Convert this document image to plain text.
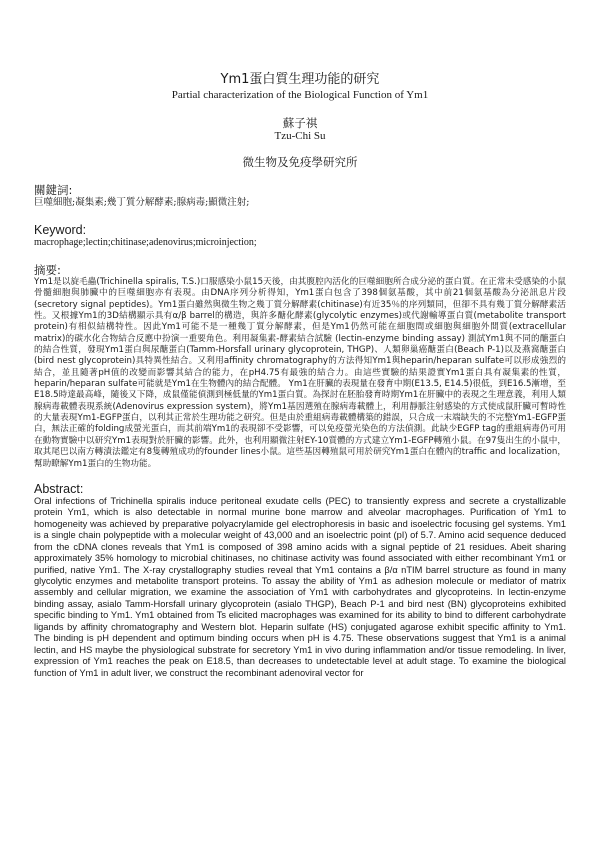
Ym1蛋白質生理功能的研究
Partial characterization of the Biological Function of Ym1
蘇子祺
Tzu-Chi Su
微生物及免疫學研究所
關鍵詞:
巨噬細胞;凝集素;幾丁質分解酵素;腺病毒;顯微注射;
Keyword:
macrophage;lectin;chitinase;adenovirus;microinjection;
摘要:

Ym1是以旋毛蟲(Trichinella spiralis, T.S.)口服感染小鼠15天後，由其腹腔內活化的巨噬細胞所合成分泌的蛋白質。在正常未受感染的小鼠骨髓細胞與肺臟中的巨噬細胞亦有表現。由DNA序列分析得知，Ym1蛋白包含了398個氨基酸，其中前21個氨基酸為分泌訊息片段(secretory signal peptides)。Ym1蛋白雖然與微生物之幾丁質分解酵素(chitinase)有近35％的序列類同，但卻不具有幾丁質分解酵素活性。又根據Ym1的3D結構顯示具有α/β barrel的構造，與許多醣化酵素(glycolytic enzymes)或代謝輸導蛋白質(metabolite transport protein)有相似結構特性。因此Ym1可能不是一種幾丁質分解酵素，但是Ym1仍然可能在細胞間或細胞與細胞外間質(extracellular matrix)的碳水化合物結合反應中扮演一重要角色。利用凝集素-酵素結合試驗 (lectin-enzyme binding assay) 測試Ym1與不同的醣蛋白的結合性質，發現Ym1蛋白與尿醣蛋白(Tamm-Horsfall urinary glycoprotein, THGP)、人類卵巢癌醣蛋白(Beach P-1)以及燕窩醣蛋白(bird nest glycoprotein)具特異性結合。又利用affinity chromatography的方法得知Ym1與heparin/heparan sulfate可以形成強烈的結合，並且隨著pH值的改變而影響其結合的能力，在pH4.75有最強的結合力。由這些實驗的結果證實Ym1蛋白具有凝集素的性質，heparin/heparan sulfate可能就是Ym1在生物體內的結合配體。 Ym1在肝臟的表現量在發育中期(E13.5, E14.5)很低，到E16.5漸增，至E18.5時達最高峰，隨後又下降，成鼠僅能偵測到極低量的Ym1蛋白質。為探討在胚胎發育時期Ym1在肝臟中的表現之生理意義，利用人類腺病毒載體表現系統(Adenovirus expression system)，將Ym1基因選殖在腺病毒載體上，利用靜脈注射感染的方式使成鼠肝臟可暫時性的大量表現Ym1-EGFP蛋白，以利其正常於生理功能之研究。但是由於重組病毒載體構築的錯誤，只合成一末端缺失的不完整Ym1-EGFP蛋白，無法正確的folding成螢光蛋白，而其前端Ym1的表現卻不受影響，可以免疫螢光染色的方法偵測。此缺少EGFP tag的重組病毒仍可用在動物實驗中以研究Ym1表現對於肝臟的影響。此外，也利用顯微注射EY-10質體的方式建立Ym1-EGFP轉殖小鼠。在97隻出生的小鼠中，取其尾巴以南方轉漬法鑑定有8隻轉殖成功的founder lines小鼠。這些基因轉殖鼠可用於研究Ym1蛋白在體內的traffic and localization，幫助瞭解Ym1蛋白的生物功能。

Abstract:

Oral infections of Trichinella spiralis induce peritoneal exudate cells (PEC) to transiently express and secrete a crystallizable protein Ym1, which is also detectable in normal murine bone marrow and alveolar macrophages. Purification of Ym1 to homogeneity was achieved by preparative polyacrylamide gel electrophoresis in basic and isoelectric focusing gel systems. Ym1 is a single chain polypeptide with a molecular weight of 43,000 and an isoelectric point (pI) of 5.7. Amino acid sequence deduced from the cDNA clones reveals that Ym1 is composed of 398 amino acids with a signal peptide of 21 residues. Abeit sharing approximately 35% homology to microbial chitinases, no chitinase activity was found associated with either recombinant Ym1 or purified, native Ym1. The X-ray crystallography studies reveal that Ym1 contains a β/α nTIM barrel structure as found in many glycolytic enzymes and metabolite transport proteins. To assay the ability of Ym1 as adhesion molecule or mediator of matrix assembly and cellular migration, we examine the association of Ym1 with carbohydrates and glycoproteins. In lectin-enzyme binding assay, asialo Tamm-Horsfall urinary glycoprotein (asialo THGP), Beach P-1 and bird nest (BN) glycoproteins exhibited specific binding to Ym1. Ym1 obtained from Ts elicited macrophages was examined for its ability to bind to different carbohydrate ligands by affinity chromatography and Western blot. Heparin sulfate (HS) conjugated agarose exhibit specific affinity to Ym1. The binding is pH dependent and optimum binding occurs when pH is 4.75. These observations suggest that Ym1 is a animal lectin, and HS maybe the physiological substrate for secretory Ym1 in vivo during inflammation and/or tissue remodeling. In liver, expression of Ym1 reaches the peak on E18.5, than decreases to undetectable level at adult stage. To examine the biological function of Ym1 in adult liver, we construct the recombinant adenoviral vector for
